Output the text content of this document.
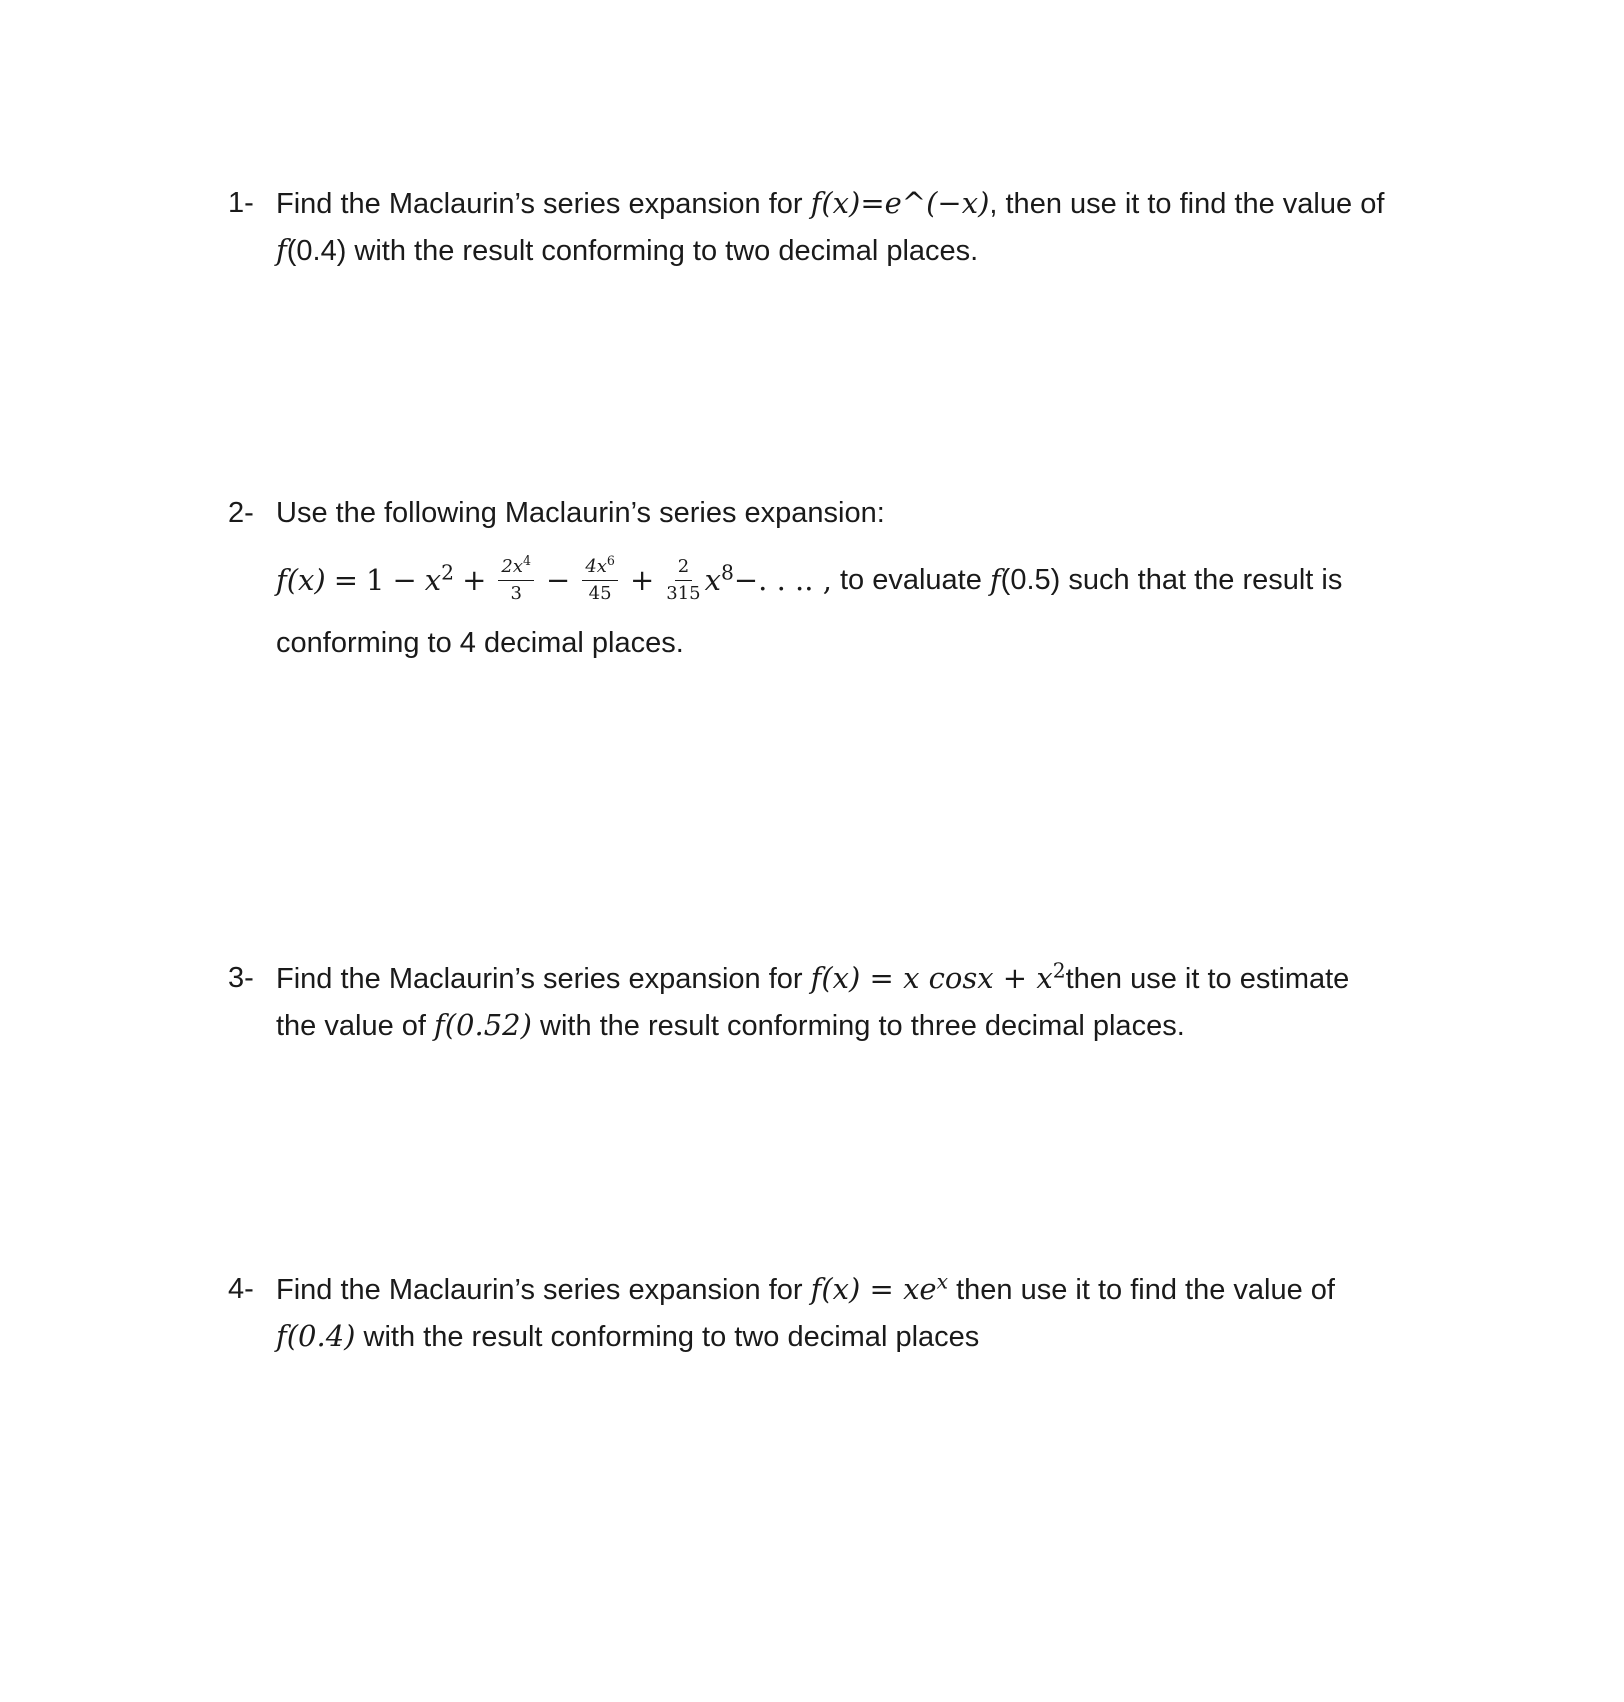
1- Find the Maclaurin’s series expansion for f(x)=e^(−x), then use it to find the value of
f(0.4) with the result conforming to two decimal places.
2- Use the following Maclaurin’s series expansion:
$f(x) = 1 - x^2 + \frac{2x^4}{3} - \frac{4x^6}{45} + \frac{2}{315} x^8$ −. . .. , to evaluate f (0.5) such that the result is
conforming to 4 decimal places.
3- Find the Maclaurin’s series expansion for f(x) = x $\cos x + x^2then$ use it to estimate
the value of f(0.52) with the result conforming to three decimal places.
4- Find the Maclaurin’s series expansion for $f(x) = xe^x$ then use it to find the value of
f(0.4) with the result conforming to two decimal places
